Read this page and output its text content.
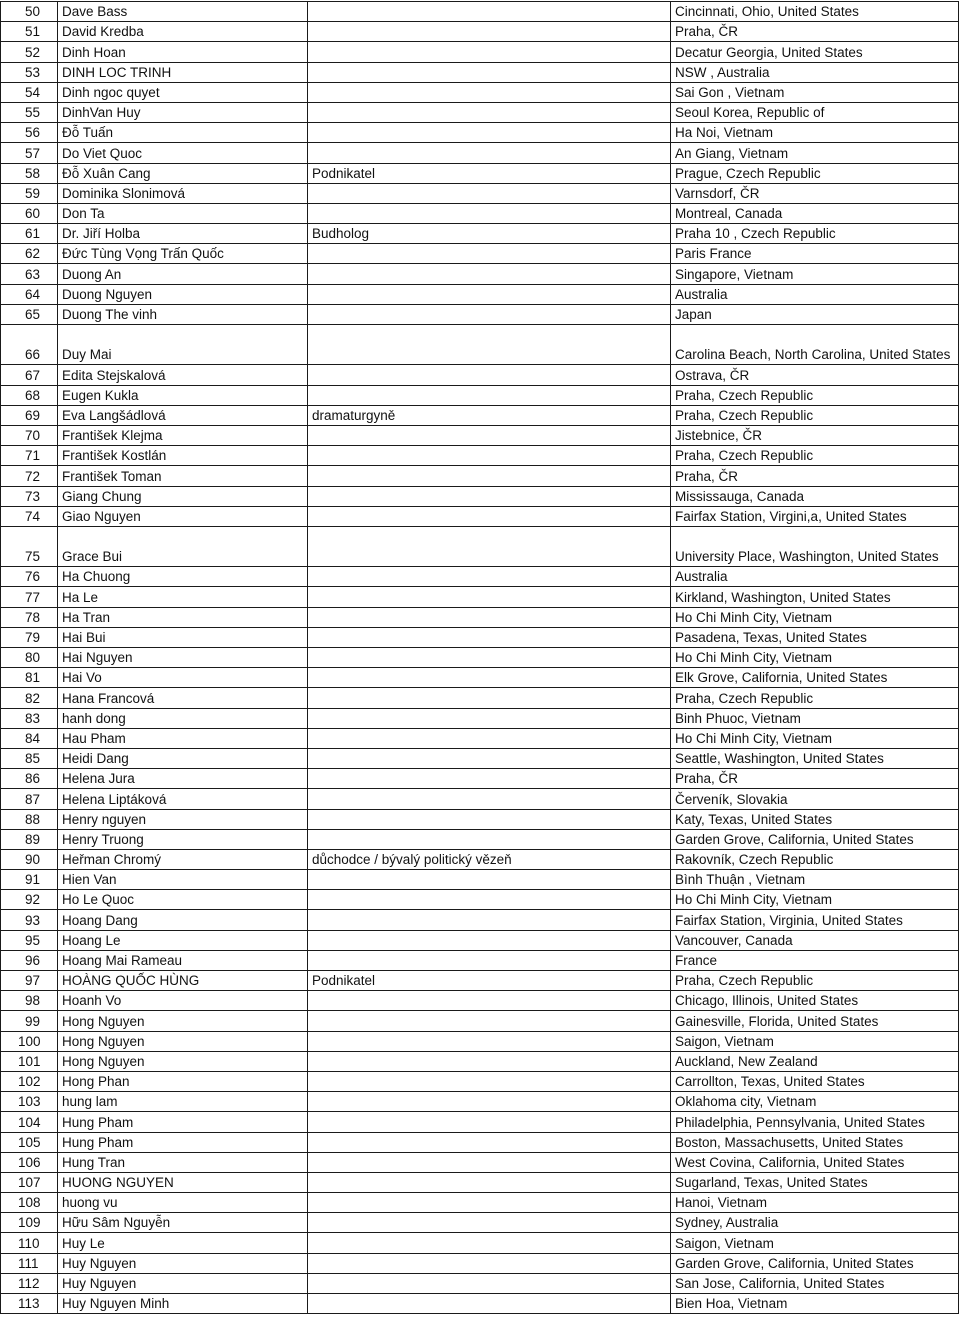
50	Dave Bass		Cincinnati, Ohio, United States
51	David Kredba		Praha, ČR
52	Dinh Hoan		Decatur Georgia, United States
53	DINH LOC TRINH		NSW , Australia
54	Dinh ngoc quyet		Sai Gon , Vietnam
55	DinhVan Huy		Seoul Korea, Republic of
56	Đỗ Tuấn		Ha Noi, Vietnam
57	Do Viet Quoc		An Giang, Vietnam
58	Đỗ Xuân Cang	Podnikatel	Prague, Czech Republic
59	Dominika Slonimová		Varnsdorf, ČR
60	Don Ta		Montreal, Canada
61	Dr. Jiří Holba	Budholog	Praha 10 , Czech Republic
62	Đức Tùng Vọng Trấn Quốc		Paris France
63	Duong An		Singapore, Vietnam
64	Duong Nguyen		Australia
65	Duong The vinh		Japan
66	Duy Mai		Carolina Beach, North Carolina, United States
67	Edita Stejskalová		Ostrava, ČR
68	Eugen Kukla		Praha, Czech Republic
69	Eva Langšádlová	dramaturgyně	Praha, Czech Republic
70	František Klejma		Jistebnice, ČR
71	František Kostlán		Praha, Czech Republic
72	František Toman		Praha, ČR
73	Giang Chung		Mississauga, Canada
74	Giao Nguyen		Fairfax Station, Virgini,a, United States
75	Grace Bui		University Place, Washington, United States
76	Ha Chuong		Australia
77	Ha Le		Kirkland, Washington, United States
78	Ha Tran		Ho Chi Minh City, Vietnam
79	Hai Bui		Pasadena, Texas, United States
80	Hai Nguyen		Ho Chi Minh City, Vietnam
81	Hai Vo		Elk Grove, California, United States
82	Hana Francová		Praha, Czech Republic
83	hanh dong		Binh Phuoc, Vietnam
84	Hau Pham		Ho Chi Minh City, Vietnam
85	Heidi Dang		Seattle, Washington, United States
86	Helena Jura		Praha, ČR
87	Helena Liptáková		Červeník, Slovakia
88	Henry nguyen		Katy, Texas, United States
89	Henry Truong		Garden Grove, California, United States
90	Heřman Chromý	důchodce / bývalý politický vězeň	Rakovník, Czech Republic
91	Hien Van		Bình Thuận , Vietnam
92	Ho Le Quoc		Ho Chi Minh City, Vietnam
93	Hoang Dang		Fairfax Station, Virginia, United States
95	Hoang Le		Vancouver, Canada
96	Hoang Mai Rameau		France
97	HOÀNG QUỐC HÙNG	Podnikatel	Praha, Czech Republic
98	Hoanh Vo		Chicago, Illinois, United States
99	Hong Nguyen		Gainesville, Florida, United States
100	Hong Nguyen		Saigon, Vietnam
101	Hong Nguyen		Auckland, New Zealand
102	Hong Phan		Carrollton, Texas, United States
103	hung lam		Oklahoma city, Vietnam
104	Hung Pham		Philadelphia, Pennsylvania, United States
105	Hung Pham		Boston, Massachusetts, United States
106	Hung Tran		West Covina, California, United States
107	HUONG NGUYEN		Sugarland, Texas, United States
108	huong vu		Hanoi, Vietnam
109	Hữu Sâm Nguyễn		Sydney, Australia
110	Huy Le		Saigon, Vietnam
111	Huy Nguyen		Garden Grove, California, United States
112	Huy Nguyen		San Jose, California, United States
113	Huy Nguyen Minh		Bien Hoa, Vietnam
